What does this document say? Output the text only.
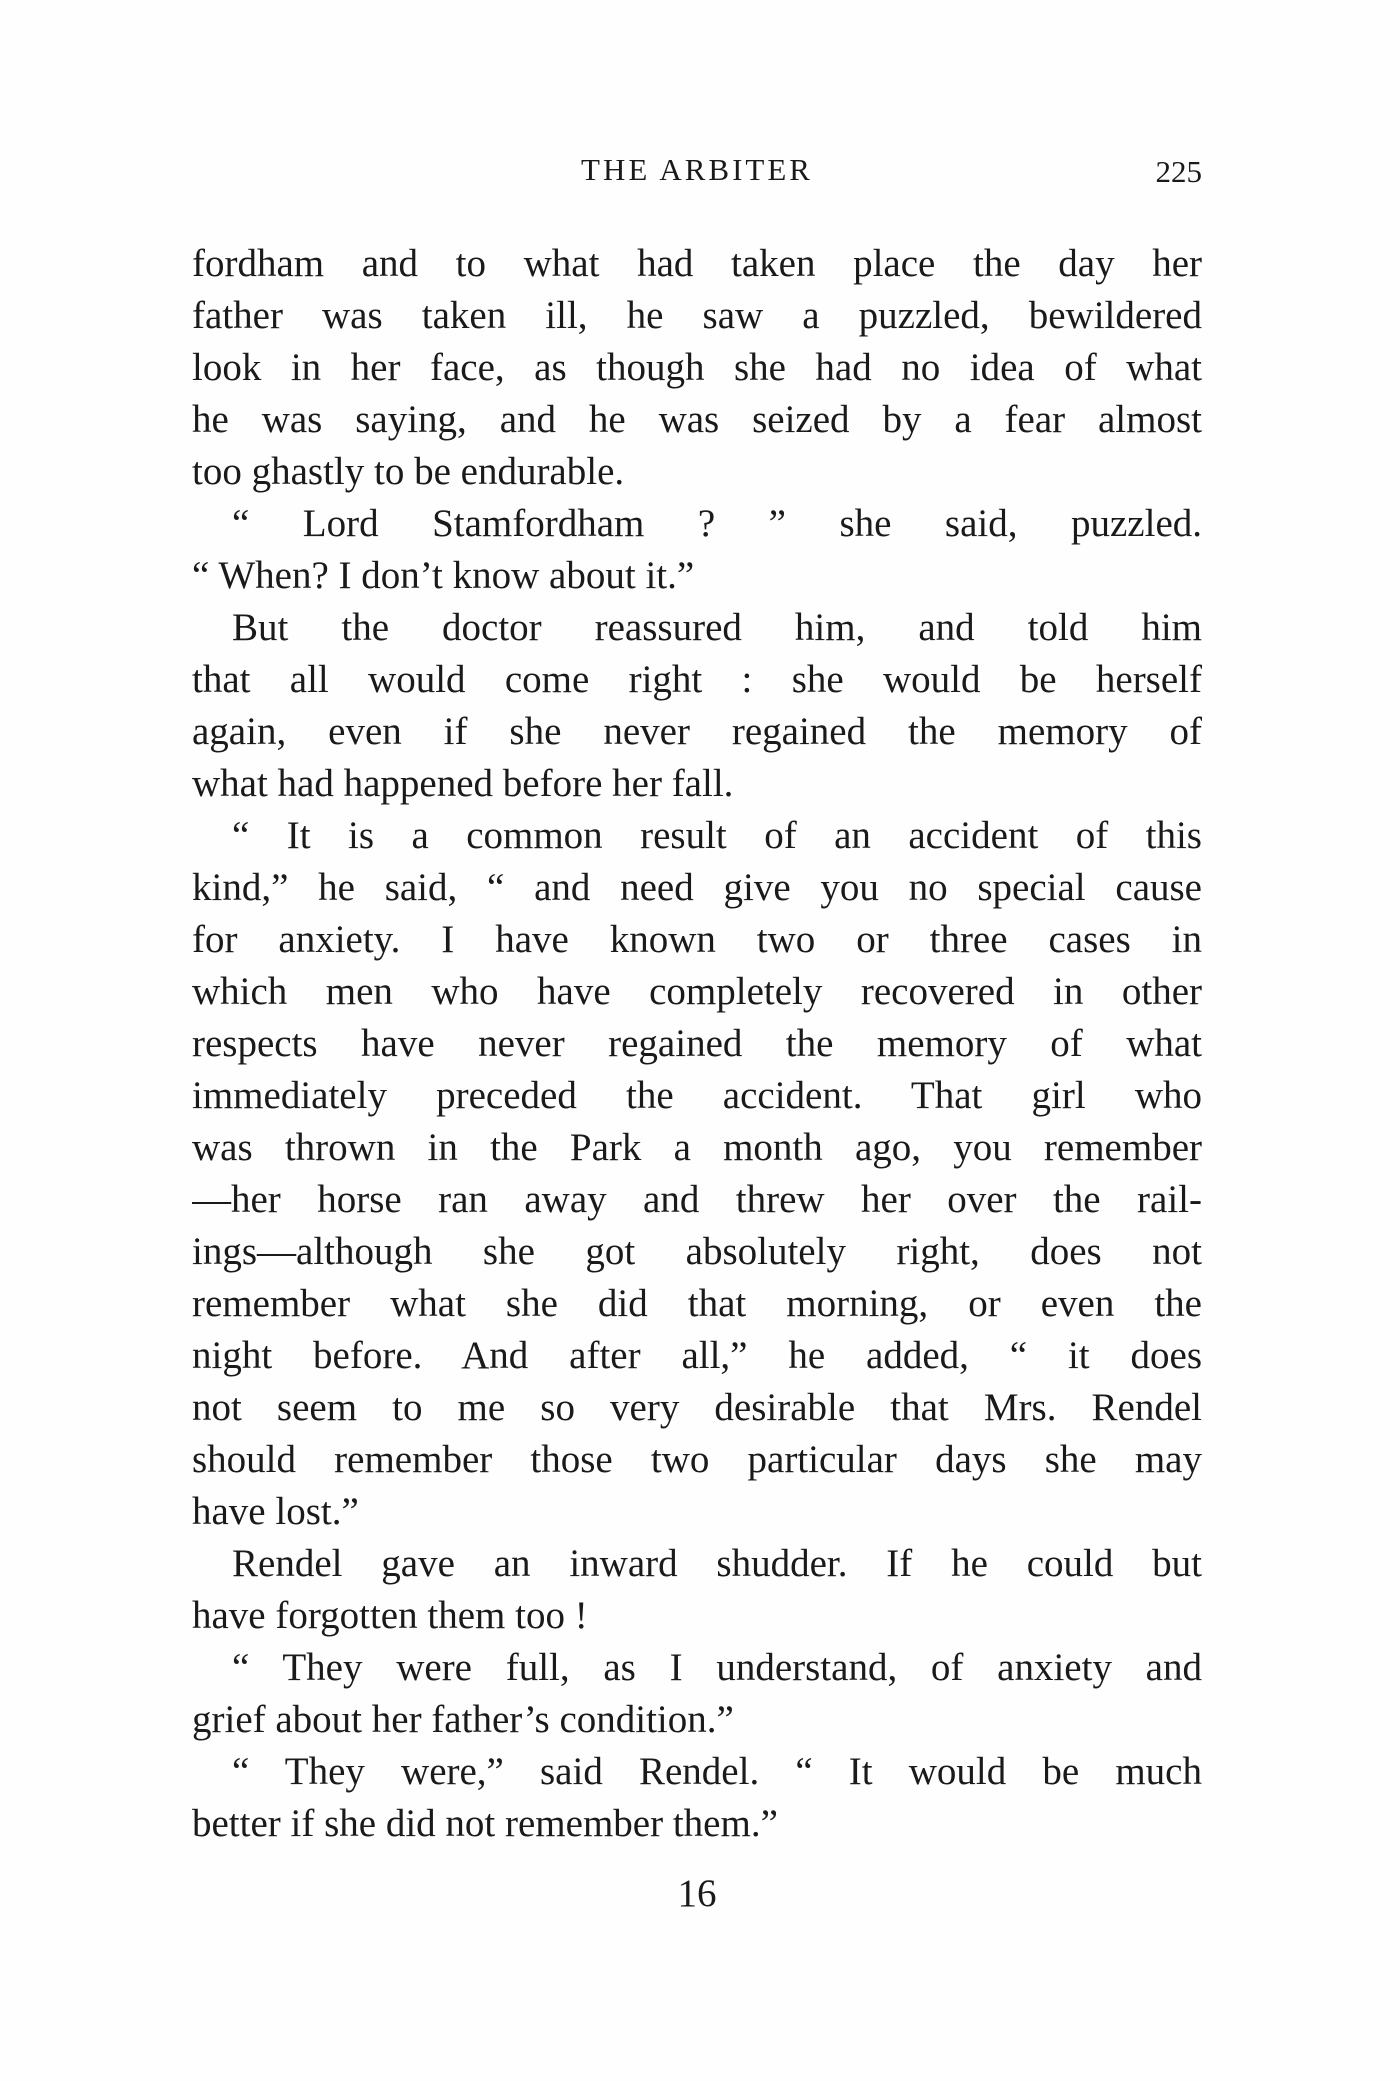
THE ARBITER	225
fordham and to what had taken place the day her
father was taken ill, he saw a puzzled, bewildered
look in her face, as though she had no idea of what
he was saying, and he was seized by a fear almost
too ghastly to be endurable.
“ Lord Stamfordham ? ” she said, puzzled.
“ When? I don’t know about it.”
But the doctor reassured him, and told him
that all would come right : she would be herself
again, even if she never regained the memory of
what had happened before her fall.
“ It is a common result of an accident of this
kind,” he said, “ and need give you no special cause
for anxiety. I have known two or three cases in
which men who have completely recovered in other
respects have never regained the memory of what
immediately preceded the accident. That girl who
was thrown in the Park a month ago, you remember
—her horse ran away and threw her over the rail-
ings—although she got absolutely right, does not
remember what she did that morning, or even the
night before. And after all,” he added, “ it does
not seem to me so very desirable that Mrs. Rendel
should remember those two particular days she may
have lost.”
Rendel gave an inward shudder. If he could but
have forgotten them too !
“ They were full, as I understand, of anxiety and
grief about her father’s condition.”
“ They were,” said Rendel. “ It would be much
better if she did not remember them.”
16
